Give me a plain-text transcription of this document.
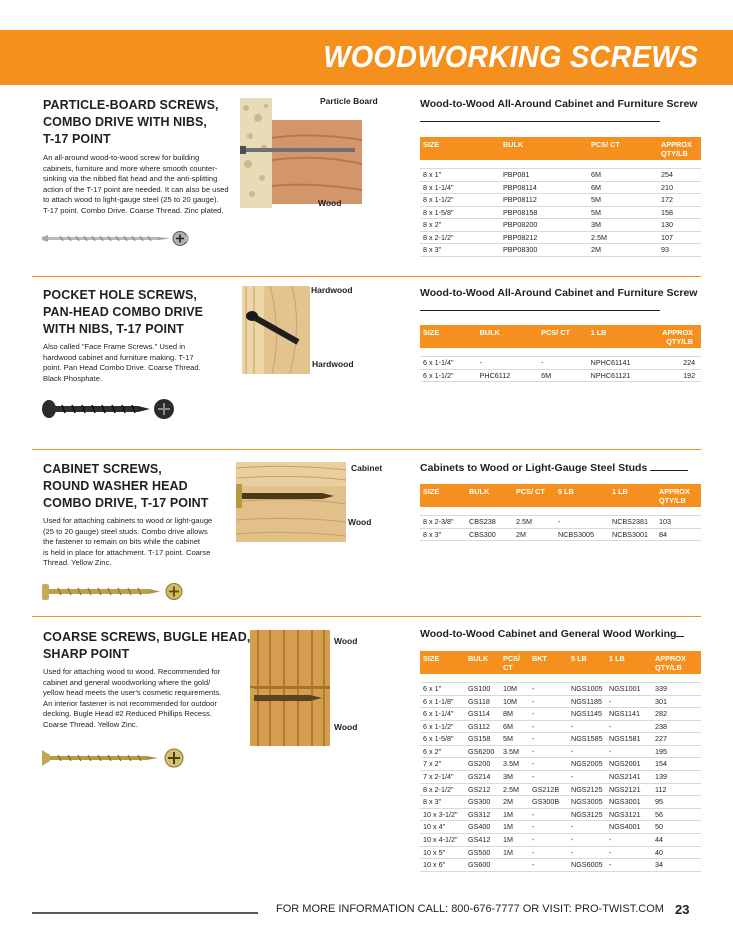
WOODWORKING SCREWS
PARTICLE-BOARD SCREWS,
COMBO DRIVE WITH NIBS,
T-17 POINT
An all-around wood-to-wood screw for building
cabinets, furniture and more where smooth counter-
sinking via the nibbed flat head and the anti-splitting
action of the T-17 point are needed. It can also be used
to attach wood to light-gauge steel (25 to 20 gauge).
T-17 point. Combo Drive. Coarse Thread. Zinc plated.
Particle Board
Wood
Wood-to-Wood All-Around Cabinet and Furniture Screw
SIZE	BULK	PCS/ CT	APPROX QTY/LB

8 x 1"	PBP081	6M	254
8 x 1-1/4"	PBP08114	6M	210
8 x 1-1/2"	PBP08112	5M	172
8 x 1-5/8"	PBP08158	5M	158
8 x 2"	PBP08200	3M	130
8 x 2-1/2"	PBP08212	2.5M	107
8 x 3"	PBP08300	2M	93
POCKET HOLE SCREWS,
PAN-HEAD COMBO DRIVE
WITH NIBS, T-17 POINT
Also called "Face Frame Screws." Used in
hardwood cabinet and furniture making. T-17
point. Pan Head Combo Drive. Coarse Thread.
Black Phosphate.
Hardwood
Hardwood
Wood-to-Wood All-Around Cabinet and Furniture Screw
SIZE	BULK	PCS/ CT	1 LB	APPROX QTY/LB

6 x 1-1/4"	-	-	NPHC61141	224
6 x 1-1/2"	PHC6112	6M	NPHC61121	192
CABINET SCREWS,
ROUND WASHER HEAD
COMBO DRIVE, T-17 POINT
Used for attaching cabinets to wood or light-gauge
(25 to 20 gauge) steel studs. Combo drive allows
the fastener to remain on bits while the cabinet
is held in place for attachment. T-17 point. Coarse
Thread. Yellow Zinc.
Cabinet
Wood
Cabinets to Wood or Light-Gauge Steel Studs
SIZE	BULK	PCS/ CT	5 LB	1 LB	APPROX QTY/LB

8 x 2-3/8"	CBS238	2.5M	-	NCBS2381	103
8 x 3"	CBS300	2M	NCBS3005	NCBS3001	84
COARSE SCREWS, BUGLE HEAD,
SHARP POINT
Used for attaching wood to wood. Recommended for
cabinet and general woodworking where the gold/
yellow head meets the user's cosmetic requirements.
An interior fastener is not recommended for outdoor
decking. Bugle Head #2 Reduced Phillips Recess.
Coarse Thread. Yellow Zinc.
Wood
Wood
Wood-to-Wood Cabinet and General Wood Working
SIZE	BULK	PCS/ CT	BKT	5 LB	1 LB	APPROX QTY/LB

6 x 1"	GS100	10M	-	NGS1005	NGS1001	339
6 x 1-1/8"	GS118	10M	-	NGS1185	-	301
6 x 1-1/4"	GS114	8M	-	NGS1145	NGS1141	282
6 x 1-1/2"	GS112	6M	-	-	-	238
6 x 1-5/8"	GS158	5M	-	NGS1585	NGS1581	227
6 x 2"	GS6200	3.5M	-	-	-	195
7 x 2"	GS200	3.5M	-	NGS2005	NGS2001	154
7 x 2-1/4"	GS214	3M	-	-	NGS2141	139
8 x 2-1/2"	GS212	2.5M	GS212B	NGS2125	NGS2121	112
8 x 3"	GS300	2M	GS300B	NGS3005	NGS3001	95
10 x 3-1/2"	GS312	1M	-	NGS3125	NGS3121	56
10 x 4"	GS400	1M	-	-	NGS4001	50
10 x 4-1/2"	GS412	1M	-	-	-	44
10 x 5"	GS500	1M	-	-	-	40
10 x 6"	GS600		-	NGS6005	-	34
FOR MORE INFORMATION CALL: 800-676-7777 OR VISIT: PRO-TWIST.COM 23
